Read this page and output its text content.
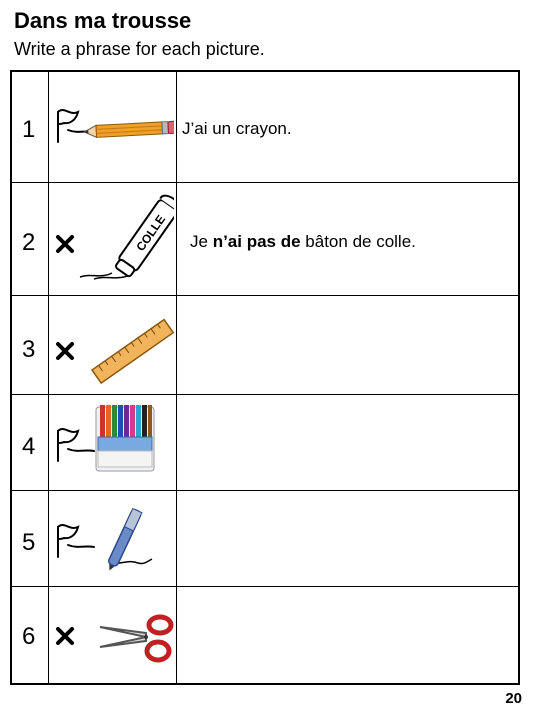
Dans ma trousse
Write a phrase for each picture.
1	J’ai un crayon.
2	COLLE Je n’ai pas de bâton de colle.
3
4
5
6
20
